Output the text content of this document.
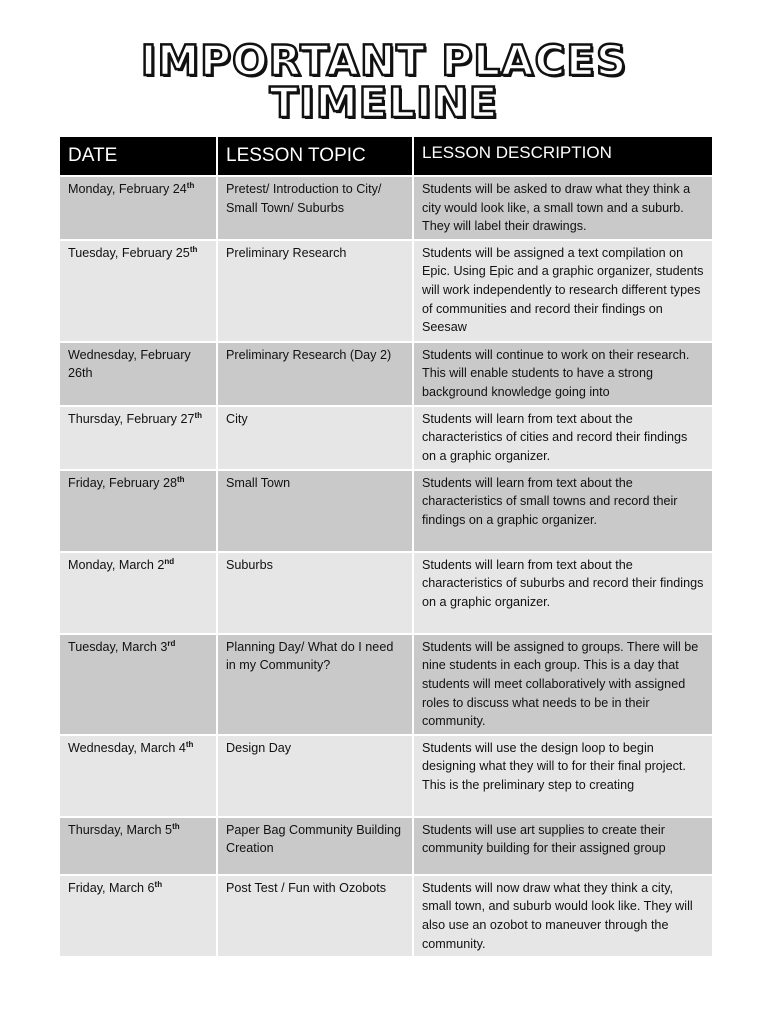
IMPORTANT PLACES
TIMELINE
DATE	LESSON TOPIC	LESSON DESCRIPTION
Monday, February 24th	Pretest/ Introduction to City/ Small Town/ Suburbs	Students will be asked to draw what they think a city would look like, a small town and a suburb. They will label their drawings.
Tuesday, February 25th	Preliminary Research	Students will be assigned a text compilation on Epic. Using Epic and a graphic organizer, students will work independently to research different types of communities and record their findings on Seesaw
Wednesday, February 26th	Preliminary Research (Day 2)	Students will continue to work on their research. This will enable students to have a strong background knowledge going into
Thursday, February 27th	City	Students will learn from text about the characteristics of cities and record their findings on a graphic organizer.
Friday, February 28th	Small Town	Students will learn from text about the characteristics of small towns and record their findings on a graphic organizer.
Monday, March 2nd	Suburbs	Students will learn from text about the characteristics of suburbs and record their findings on a graphic organizer.
Tuesday, March 3rd	Planning Day/ What do I need in my Community?	Students will be assigned to groups. There will be nine students in each group. This is a day that students will meet collaboratively with assigned roles to discuss what needs to be in their community.
Wednesday, March 4th	Design Day	Students will use the design loop to begin designing what they will to for their final project. This is the preliminary step to creating
Thursday, March 5th	Paper Bag Community Building Creation	Students will use art supplies to create their community building for their assigned group
Friday, March 6th	Post Test / Fun with Ozobots	Students will now draw what they think a city, small town, and suburb would look like. They will also use an ozobot to maneuver through the community.
